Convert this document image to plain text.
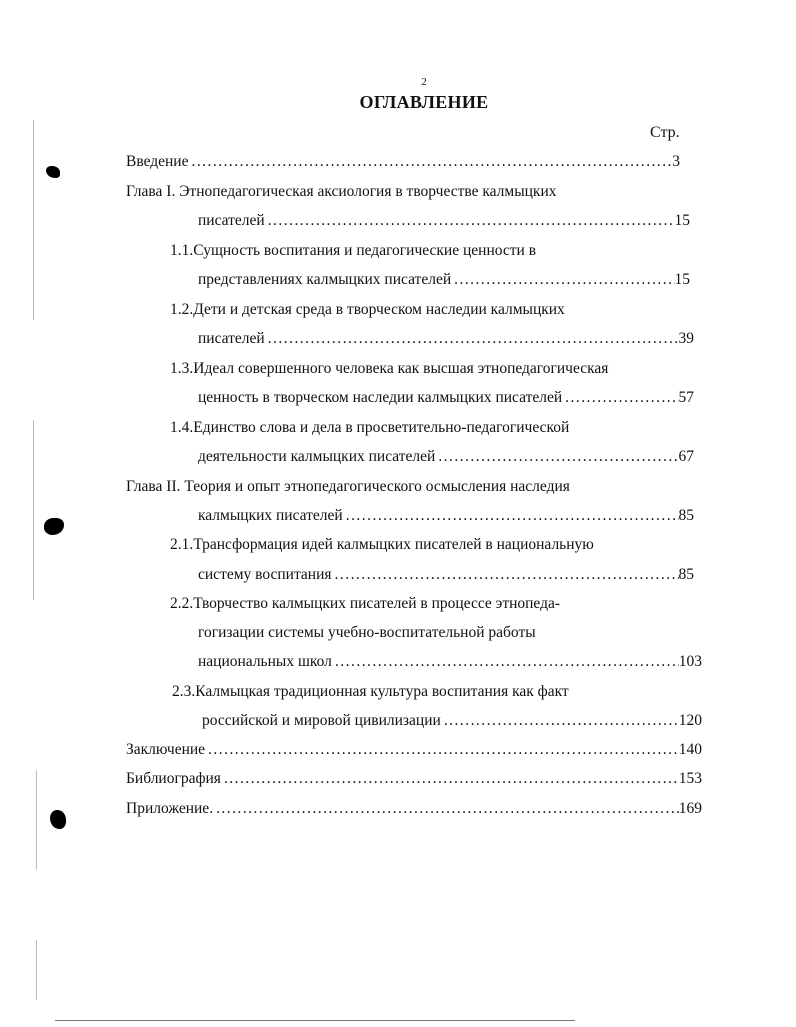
2
ОГЛАВЛЕНИЕ
Стр.
Введение . . .	3
Глава I. Этнопедагогическая аксиология в творчестве калмыцких
писателей . . .	15
1.1.Сущность воспитания и педагогические ценности в
представлениях калмыцких писателей . . .	15
1.2.Дети и детская среда в творческом наследии калмыцких
писателей . . .	39
1.3.Идеал совершенного человека как высшая этнопедагогическая
ценность в творческом наследии калмыцких писателей . . .	57
1.4.Единство слова и дела в просветительно-педагогической
деятельности калмыцких писателей . . .	67
Глава II. Теория и опыт этнопедагогического осмысления наследия
калмыцких писателей . . .	85
2.1.Трансформация идей калмыцких писателей в национальную
систему воспитания . . .	85
2.2.Творчество калмыцких писателей в процессе этнопеда-
гогизации системы учебно-воспитательной работы
национальных школ . . .	103
2.3.Калмыцкая традиционная культура воспитания как факт
российской и мировой цивилизации . . .	120
Заключение . . .	140
Библиография . . .	153
Приложение. . . .	169
